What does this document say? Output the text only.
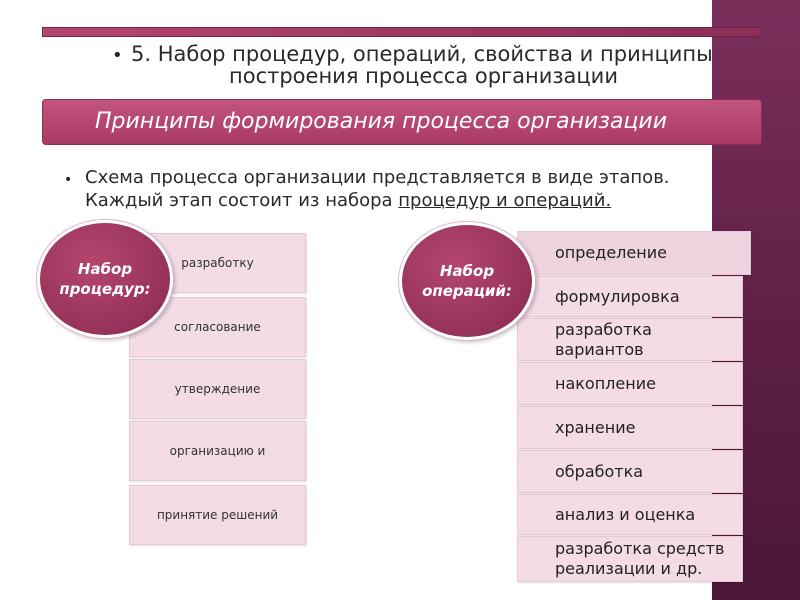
• 5. Набор процедур, операций, свойства и принципы
построения процесса организации
Принципы формирования процесса организации
• Схема процесса организации представляется в виде этапов.
Каждый этап состоит из набора процедур и операций.
разработку
согласование
утверждение
организацию и
принятие решений
Набор
процедур:
определение
формулировка
разработка вариантов
накопление
хранение
обработка
анализ и оценка
разработка средств реализации и др.
Набор
операций:
